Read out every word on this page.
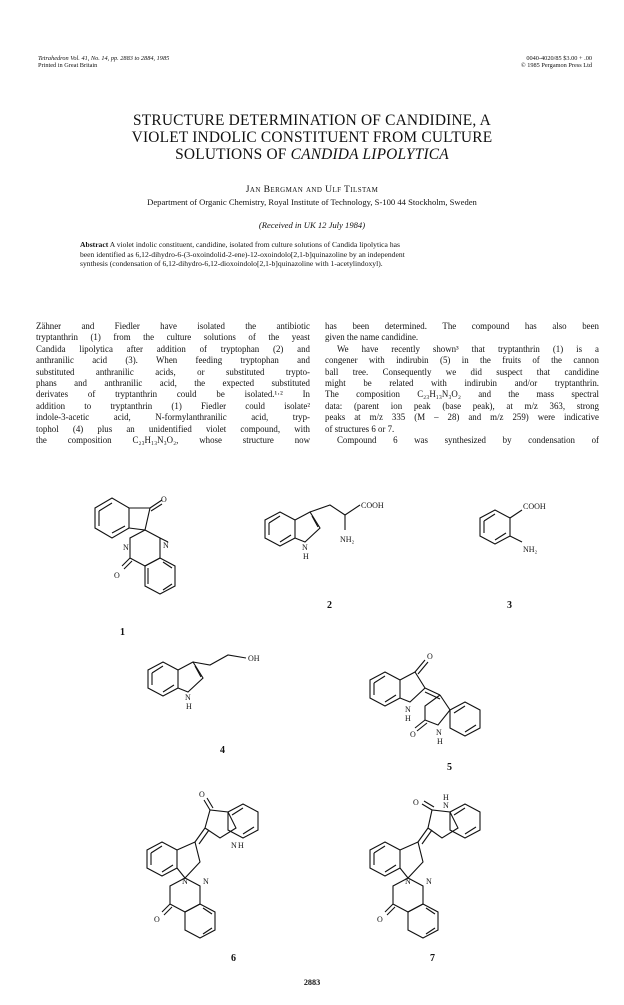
Tetrahedron Vol. 41, No. 14, pp. 2883 to 2884, 1985
Printed in Great Britain
0040-4020/85 $3.00 + .00
© 1985 Pergamon Press Ltd
STRUCTURE DETERMINATION OF CANDIDINE, A
VIOLET INDOLIC CONSTITUENT FROM CULTURE
SOLUTIONS OF CANDIDA LIPOLYTICA
Jan Bergman and Ulf Tilstam
Department of Organic Chemistry, Royal Institute of Technology, S-100 44 Stockholm, Sweden
(Received in UK 12 July 1984)
Abstract A violet indolic constituent, candidine, isolated from culture solutions of Candida lipolytica has
been identified as 6,12-dihydro-6-(3-oxoindolid-2-ene)-12-oxoindolo[2,1-b]quinazoline by an independent
synthesis (condensation of 6,12-dihydro-6,12-dioxoindolo[2,1-b]quinazoline with 1-acetylindoxyl).
Zähner and Fiedler have isolated the antibiotic
tryptanthrin (1) from the culture solutions of the yeast
Candida lipolytica after addition of tryptophan (2) and
anthranilic acid (3). When feeding tryptophan and
substituted anthranilic acids, or substituted trypto-
phans and anthranilic acid, the expected substituted
derivates of tryptanthrin could be isolated.¹·² In
addition to tryptanthrin (1) Fiedler could isolate²
indole-3-acetic acid, N-formylanthranilic acid, tryp-
tophol (4) plus an unidentified violet compound, with
the composition C₂₃H₁₃N₃O₂, whose structure now
has been determined. The compound has also been
given the name candidine.
We have recently shown³ that tryptanthrin (1) is a
congener with indirubin (5) in the fruits of the cannon
ball tree. Consequently we did suspect that candidine
might be related with indirubin and/or tryptanthrin.
The composition C₂₃H₁₃N₃O₂ and the mass spectral
data: (parent ion peak (base peak), at m/z 363, strong
peaks at m/z 335 (M – 28) and m/z 259) were indicative
of structures 6 or 7.
Compound 6 was synthesized by condensation of
O
N	N
O
COOH
NH₂
N
H
COOH
NH₂
OH
N
H
O
N
H
O	N
H
O
N H
N N
O
O	N
H
N N
O
1
2	3
4
5
6	7
2883
